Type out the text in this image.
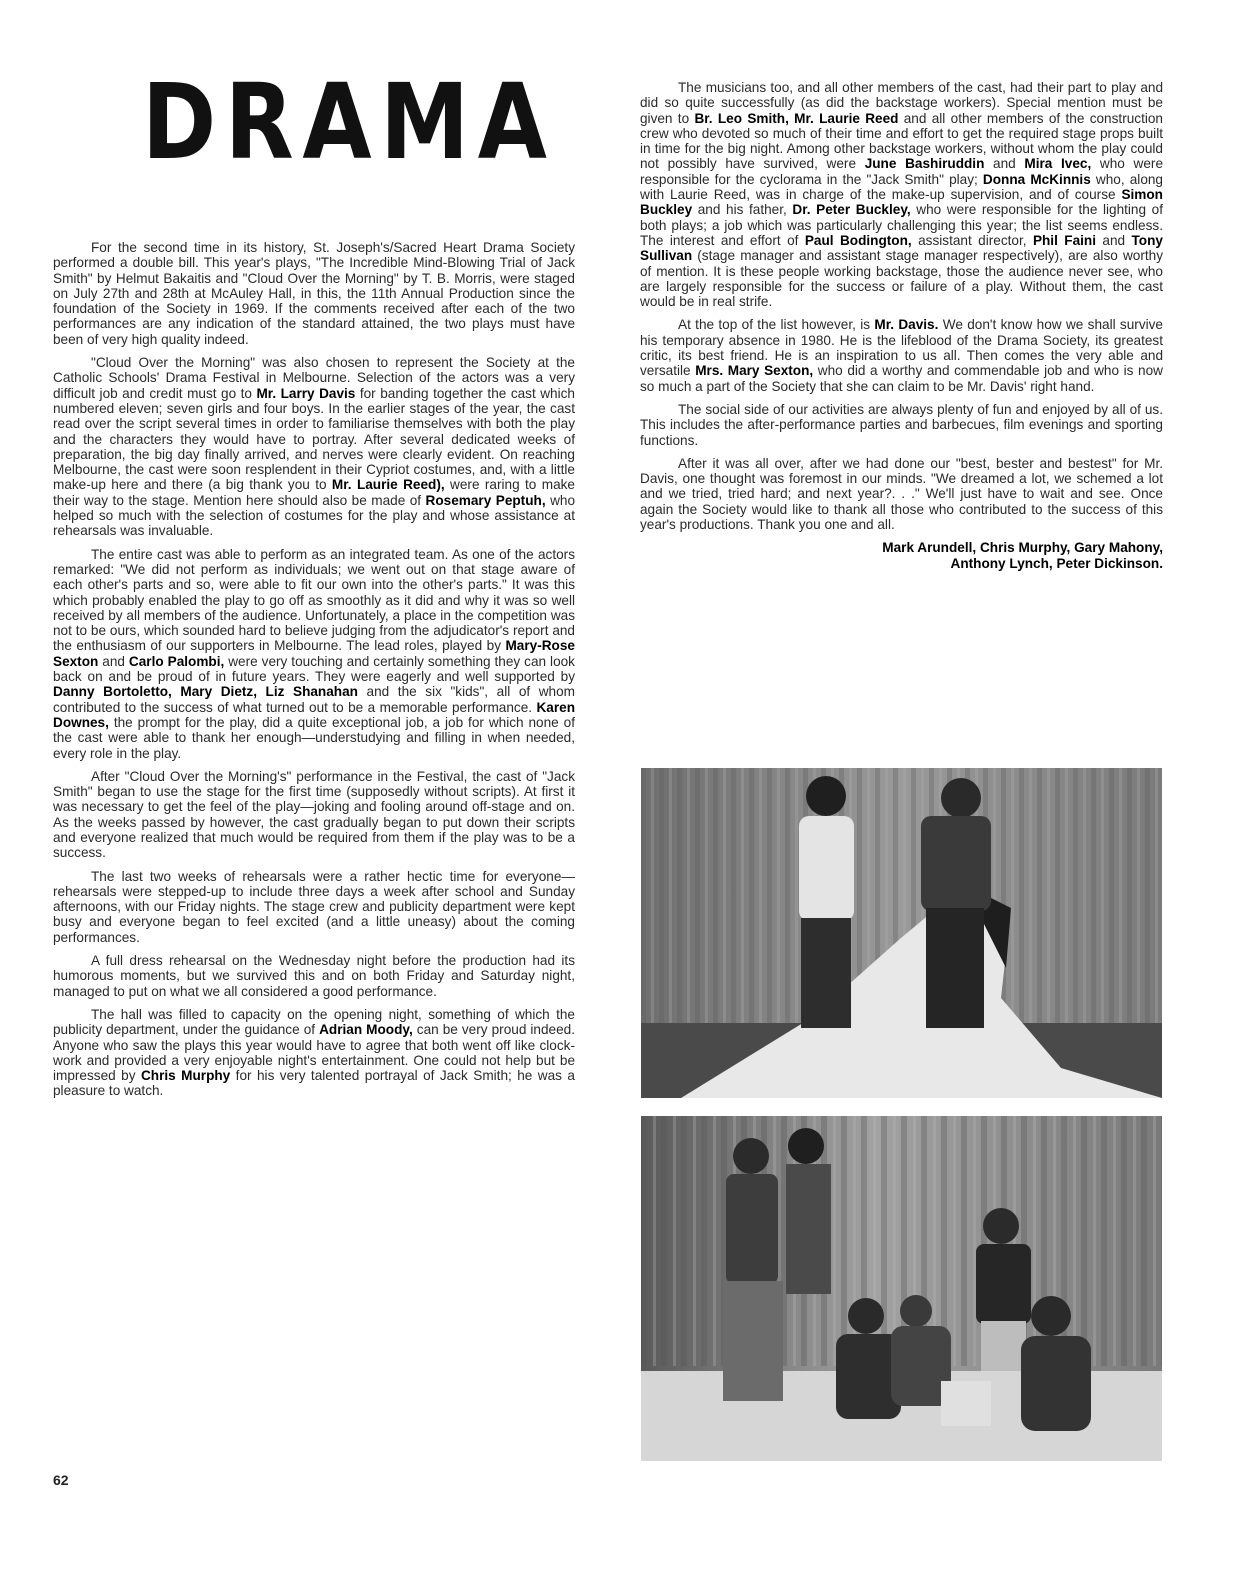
DRAMA

For the second time in its history, St. Joseph's/Sacred Heart Drama Society performed a double bill. This year's plays, "The Incredible Mind-Blowing Trial of Jack Smith" by Helmut Bakaitis and "Cloud Over the Morning" by T. B. Morris, were staged on July 27th and 28th at McAuley Hall, in this, the 11th Annual Production since the foundation of the Society in 1969. If the comments received after each of the two performances are any indication of the standard attained, the two plays must have been of very high quality indeed.

"Cloud Over the Morning" was also chosen to represent the Society at the Catholic Schools' Drama Festival in Melbourne. Selection of the actors was a very difficult job and credit must go to Mr. Larry Davis for banding together the cast which numbered eleven; seven girls and four boys. In the earlier stages of the year, the cast read over the script several times in order to familiarise themselves with both the play and the characters they would have to portray. After several dedicated weeks of preparation, the big day finally arrived, and nerves were clearly evident. On reaching Melbourne, the cast were soon resplendent in their Cypriot costumes, and, with a little make-up here and there (a big thank you to Mr. Laurie Reed), were raring to make their way to the stage. Mention here should also be made of Rosemary Peptuh, who helped so much with the selection of costumes for the play and whose assistance at rehearsals was invaluable.

The entire cast was able to perform as an integrated team. As one of the actors remarked: "We did not perform as individuals; we went out on that stage aware of each other's parts and so, were able to fit our own into the other's parts." It was this which probably enabled the play to go off as smoothly as it did and why it was so well received by all members of the audience. Unfortunately, a place in the competition was not to be ours, which sounded hard to believe judging from the adjudicator's report and the enthusiasm of our supporters in Melbourne. The lead roles, played by Mary-Rose Sexton and Carlo Palombi, were very touching and certainly something they can look back on and be proud of in future years. They were eagerly and well supported by Danny Bortoletto, Mary Dietz, Liz Shanahan and the six "kids", all of whom contributed to the success of what turned out to be a memorable performance. Karen Downes, the prompt for the play, did a quite exceptional job, a job for which none of the cast were able to thank her enough—understudying and filling in when needed, every role in the play.

After "Cloud Over the Morning's" performance in the Festival, the cast of "Jack Smith" began to use the stage for the first time (supposedly without scripts). At first it was necessary to get the feel of the play—joking and fooling around off-stage and on. As the weeks passed by however, the cast gradually began to put down their scripts and everyone realized that much would be required from them if the play was to be a success.

The last two weeks of rehearsals were a rather hectic time for everyone—rehearsals were stepped-up to include three days a week after school and Sunday afternoons, with our Friday nights. The stage crew and publicity department were kept busy and everyone began to feel excited (and a little uneasy) about the coming performances.

A full dress rehearsal on the Wednesday night before the production had its humorous moments, but we survived this and on both Friday and Saturday night, managed to put on what we all considered a good performance.

The hall was filled to capacity on the opening night, something of which the publicity department, under the guidance of Adrian Moody, can be very proud indeed. Anyone who saw the plays this year would have to agree that both went off like clock-work and provided a very enjoyable night's entertainment. One could not help but be impressed by Chris Murphy for his very talented portrayal of Jack Smith; he was a pleasure to watch.

The musicians too, and all other members of the cast, had their part to play and did so quite successfully (as did the backstage workers). Special mention must be given to Br. Leo Smith, Mr. Laurie Reed and all other members of the construction crew who devoted so much of their time and effort to get the required stage props built in time for the big night. Among other backstage workers, without whom the play could not possibly have survived, were June Bashiruddin and Mira Ivec, who were responsible for the cyclorama in the "Jack Smith" play; Donna McKinnis who, along with Laurie Reed, was in charge of the make-up supervision, and of course Simon Buckley and his father, Dr. Peter Buckley, who were responsible for the lighting of both plays; a job which was particularly challenging this year; the list seems endless. The interest and effort of Paul Bodington, assistant director, Phil Faini and Tony Sullivan (stage manager and assistant stage manager respectively), are also worthy of mention. It is these people working backstage, those the audience never see, who are largely responsible for the success or failure of a play. Without them, the cast would be in real strife.

At the top of the list however, is Mr. Davis. We don't know how we shall survive his temporary absence in 1980. He is the lifeblood of the Drama Society, its greatest critic, its best friend. He is an inspiration to us all. Then comes the very able and versatile Mrs. Mary Sexton, who did a worthy and commendable job and who is now so much a part of the Society that she can claim to be Mr. Davis' right hand.

The social side of our activities are always plenty of fun and enjoyed by all of us. This includes the after-performance parties and barbecues, film evenings and sporting functions.

After it was all over, after we had done our "best, bester and bestest" for Mr. Davis, one thought was foremost in our minds. "We dreamed a lot, we schemed a lot and we tried, tried hard; and next year?. . ." We'll just have to wait and see. Once again the Society would like to thank all those who contributed to the success of this year's productions. Thank you one and all.

Mark Arundell, Chris Murphy, Gary Mahony,
Anthony Lynch, Peter Dickinson.
62
